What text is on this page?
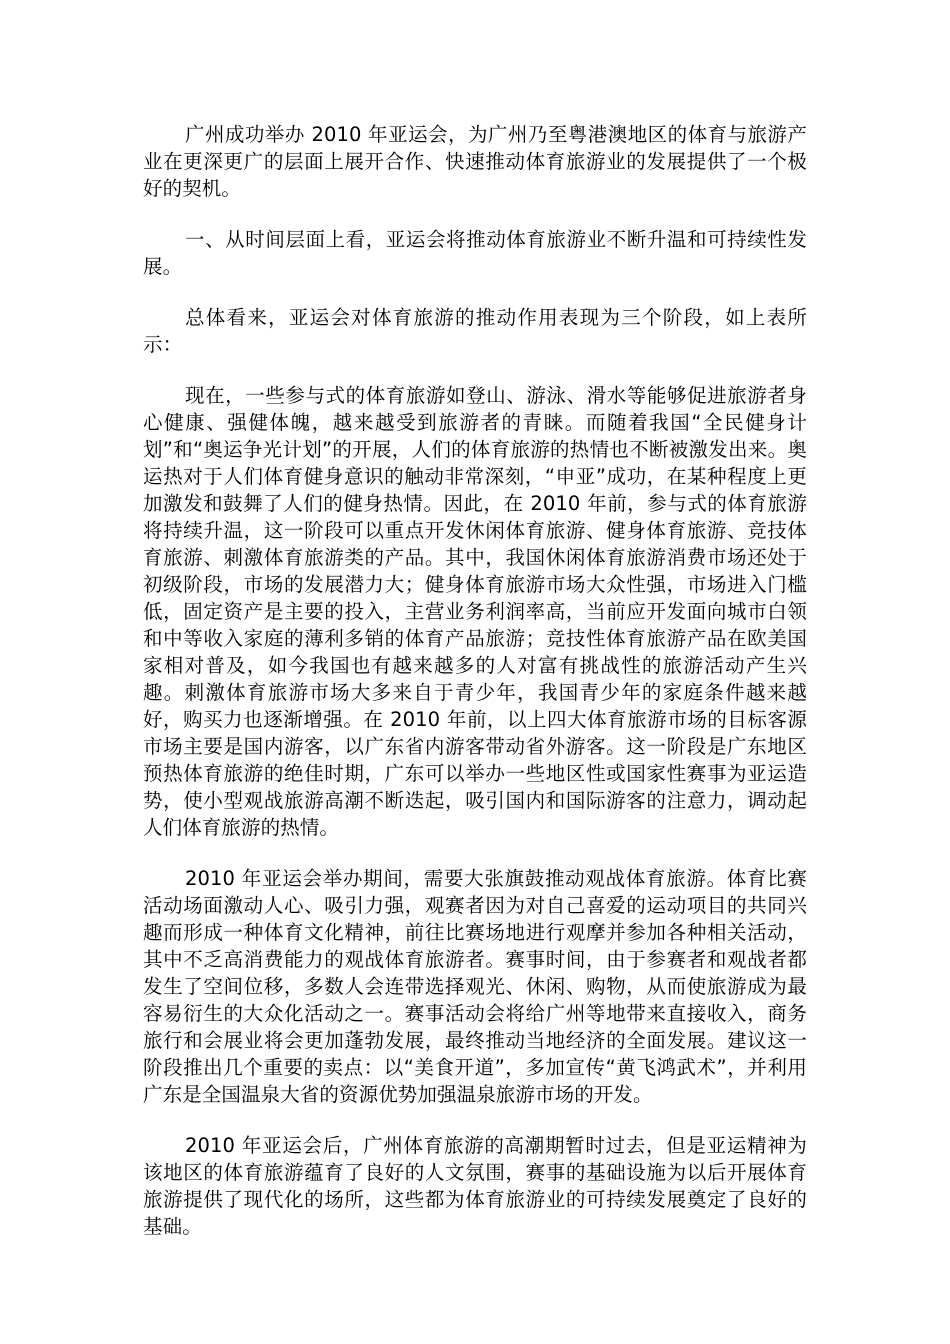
广州成功举办 2010 年亚运会，为广州乃至粤港澳地区的体育与旅游产业在更深更广的层面上展开合作、快速推动体育旅游业的发展提供了一个极好的契机。

一、从时间层面上看，亚运会将推动体育旅游业不断升温和可持续性发展。

总体看来，亚运会对体育旅游的推动作用表现为三个阶段，如上表所示：

现在，一些参与式的体育旅游如登山、游泳、滑水等能够促进旅游者身心健康、强健体魄，越来越受到旅游者的青睐。而随着我国“全民健身计划”和“奥运争光计划”的开展，人们的体育旅游的热情也不断被激发出来。奥运热对于人们体育健身意识的触动非常深刻，“申亚”成功，在某种程度上更加激发和鼓舞了人们的健身热情。因此，在 2010 年前，参与式的体育旅游将持续升温，这一阶段可以重点开发休闲体育旅游、健身体育旅游、竞技体育旅游、刺激体育旅游类的产品。其中，我国休闲体育旅游消费市场还处于初级阶段，市场的发展潜力大；健身体育旅游市场大众性强，市场进入门槛低，固定资产是主要的投入，主营业务利润率高，当前应开发面向城市白领和中等收入家庭的薄利多销的体育产品旅游；竞技性体育旅游产品在欧美国家相对普及，如今我国也有越来越多的人对富有挑战性的旅游活动产生兴趣。刺激体育旅游市场大多来自于青少年，我国青少年的家庭条件越来越好，购买力也逐渐增强。在 2010 年前，以上四大体育旅游市场的目标客源市场主要是国内游客，以广东省内游客带动省外游客。这一阶段是广东地区预热体育旅游的绝佳时期，广东可以举办一些地区性或国家性赛事为亚运造势，使小型观战旅游高潮不断迭起，吸引国内和国际游客的注意力，调动起人们体育旅游的热情。

2010 年亚运会举办期间，需要大张旗鼓推动观战体育旅游。体育比赛活动场面激动人心、吸引力强，观赛者因为对自己喜爱的运动项目的共同兴趣而形成一种体育文化精神，前往比赛场地进行观摩并参加各种相关活动，其中不乏高消费能力的观战体育旅游者。赛事时间，由于参赛者和观战者都发生了空间位移，多数人会连带选择观光、休闲、购物，从而使旅游成为最容易衍生的大众化活动之一。赛事活动会将给广州等地带来直接收入，商务旅行和会展业将会更加蓬勃发展，最终推动当地经济的全面发展。建议这一阶段推出几个重要的卖点：以“美食开道”，多加宣传“黄飞鸿武术”，并利用广东是全国温泉大省的资源优势加强温泉旅游市场的开发。

2010 年亚运会后，广州体育旅游的高潮期暂时过去，但是亚运精神为该地区的体育旅游蕴育了良好的人文氛围，赛事的基础设施为以后开展体育旅游提供了现代化的场所，这些都为体育旅游业的可持续发展奠定了良好的基础。
